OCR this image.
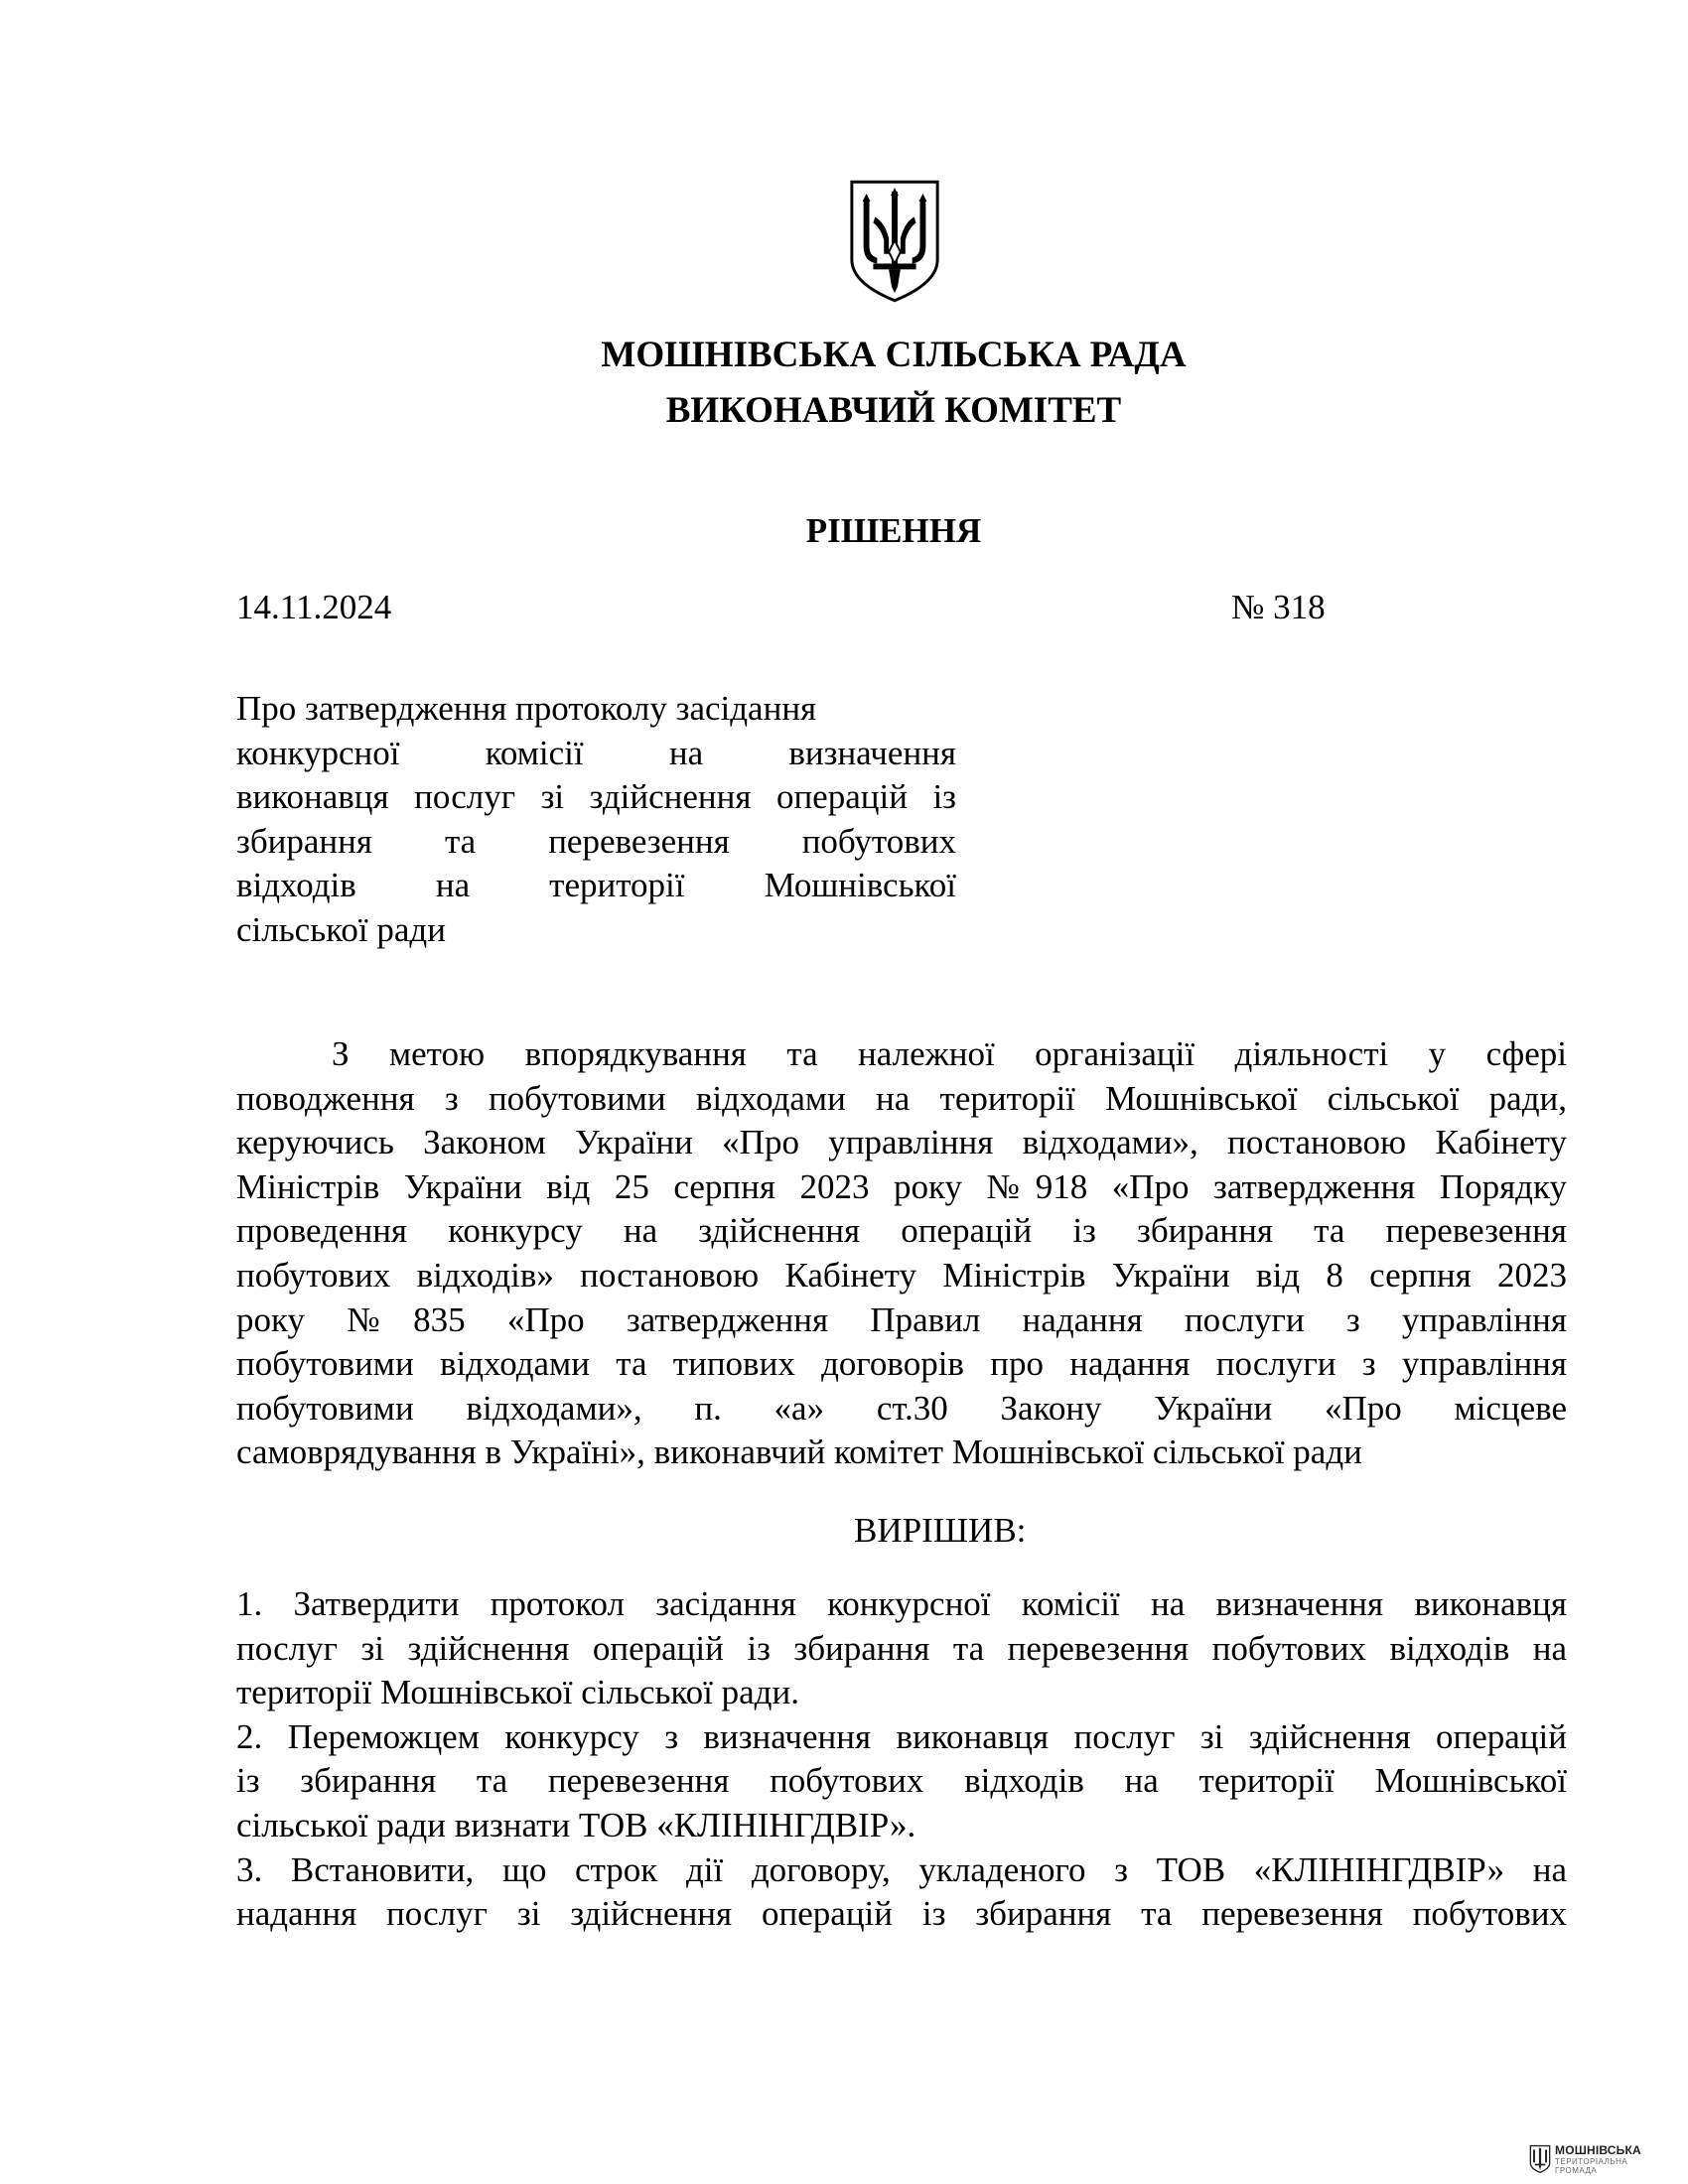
МОШНІВСЬКА СІЛЬСЬКА РАДА
ВИКОНАВЧИЙ КОМІТЕТ
РІШЕННЯ
14.11.2024	№ 318
Про затвердження протоколу засідання
конкурсної комісії на визначення
виконавця послуг зі здійснення операцій із
збирання та перевезення побутових
відходів на території Мошнівської
сільської ради
З метою впорядкування та належної організації діяльності у сфері
поводження з побутовими відходами на території Мошнівської сільської ради,
керуючись Законом України «Про управління відходами», постановою Кабінету
Міністрів України від 25 серпня 2023 року №918 «Про затвердження Порядку
проведення конкурсу на здійснення операцій із збирання та перевезення
побутових відходів» постановою Кабінету Міністрів України від 8 серпня 2023
року №835 «Про затвердження Правил надання послуги з управління
побутовими відходами та типових договорів про надання послуги з управління
побутовими відходами», п. «а» ст.30 Закону України «Про місцеве
самоврядування в Україні», виконавчий комітет Мошнівської сільської ради
ВИРІШИВ:
1. Затвердити протокол засідання конкурсної комісії на визначення виконавця
послуг зі здійснення операцій із збирання та перевезення побутових відходів на
території Мошнівської сільської ради.
2. Переможцем конкурсу з визначення виконавця послуг зі здійснення операцій
із збирання та перевезення побутових відходів на території Мошнівської
сільської ради визнати ТОВ «КЛІНІНГДВІР».
3. Встановити, що строк дії договору, укладеного з ТОВ «КЛІНІНГДВІР» на
надання послуг зі здійснення операцій із збирання та перевезення побутових
МОШНІВСЬКА
ТЕРИТОРІАЛЬНА
ГРОМАДА
